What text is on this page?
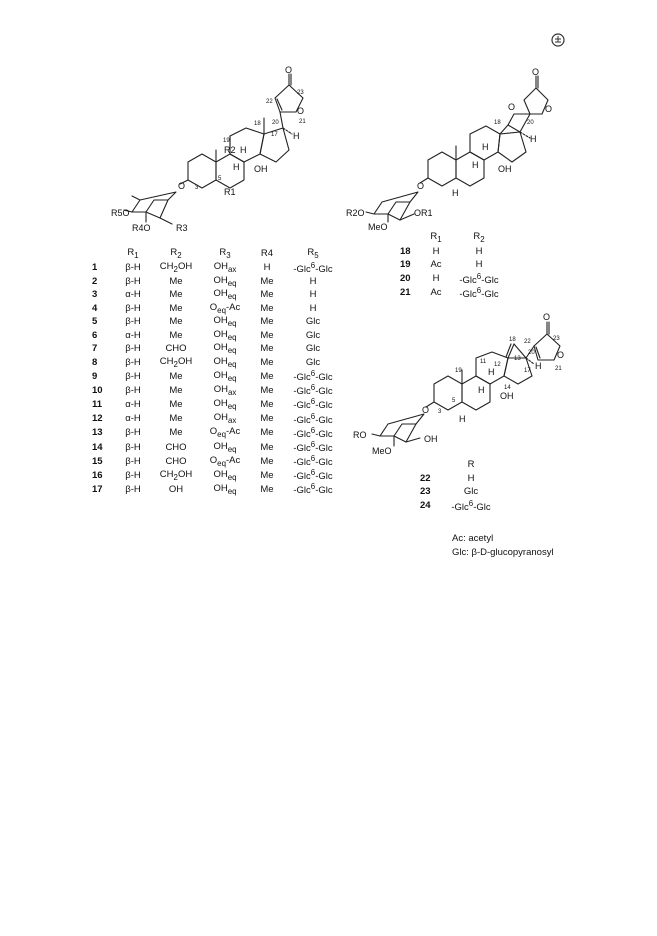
O
O
23
22
21
20
17 H
18
19
R2 H
H OH
5
R1
3
O
R5O
R4O	R3
O
O
O
18	20
H
H
H OH
H
O
R2O
MeO
OR1
O
O
23
22
18
13
20
21
17 H
19
11 12
H
H	14
OH
5
H
3
O
RO
MeO
OH
	$R_1$	$R_2$	$R_3$	R4	$R_5$
1	β-H	$CH_2OH$	$OH_{ax}$	H	-Glc$^6$-Glc
2	β-H	Me	$OH_{eq}$	Me	H
3	α-H	Me	$OH_{eq}$	Me	H
4	β-H	Me	$O_{eq}-Ac$	Me	H
5	β-H	Me	$OH_{eq}$	Me	Glc
6	α-H	Me	$OH_{eq}$	Me	Glc
7	β-H	CHO	$OH_{eq}$	Me	Glc
8	β-H	$CH_2OH$	$OH_{eq}$	Me	Glc
9	β-H	Me	$OH_{eq}$	Me	-Glc$^6$-Glc
10	β-H	Me	$OH_{ax}$	Me	-Glc$^6$-Glc
11	α-H	Me	$OH_{eq}$	Me	-Glc$^6$-Glc
12	α-H	Me	$OH_{ax}$	Me	-Glc$^6$-Glc
13	β-H	Me	$O_{eq}-Ac$	Me	-Glc$^6$-Glc
14	β-H	CHO	$OH_{eq}$	Me	-Glc$^6$-Glc
15	β-H	CHO	$O_{eq}-Ac$	Me	-Glc$^6$-Glc
16	β-H	$CH_2OH$	$OH_{eq}$	Me	-Glc$^6$-Glc
17	β-H	OH	$OH_{eq}$	Me	-Glc$^6$-Glc
	$R_1$	$R_2$
18	H	H
19	Ac	H
20	H	-Glc$^6$-Glc
21	Ac	-Glc$^6$-Glc
	R
22	H
23	Glc
24	-Glc$^6$-Glc
Ac: acetyl
Glc: β-D-glucopyranosyl
